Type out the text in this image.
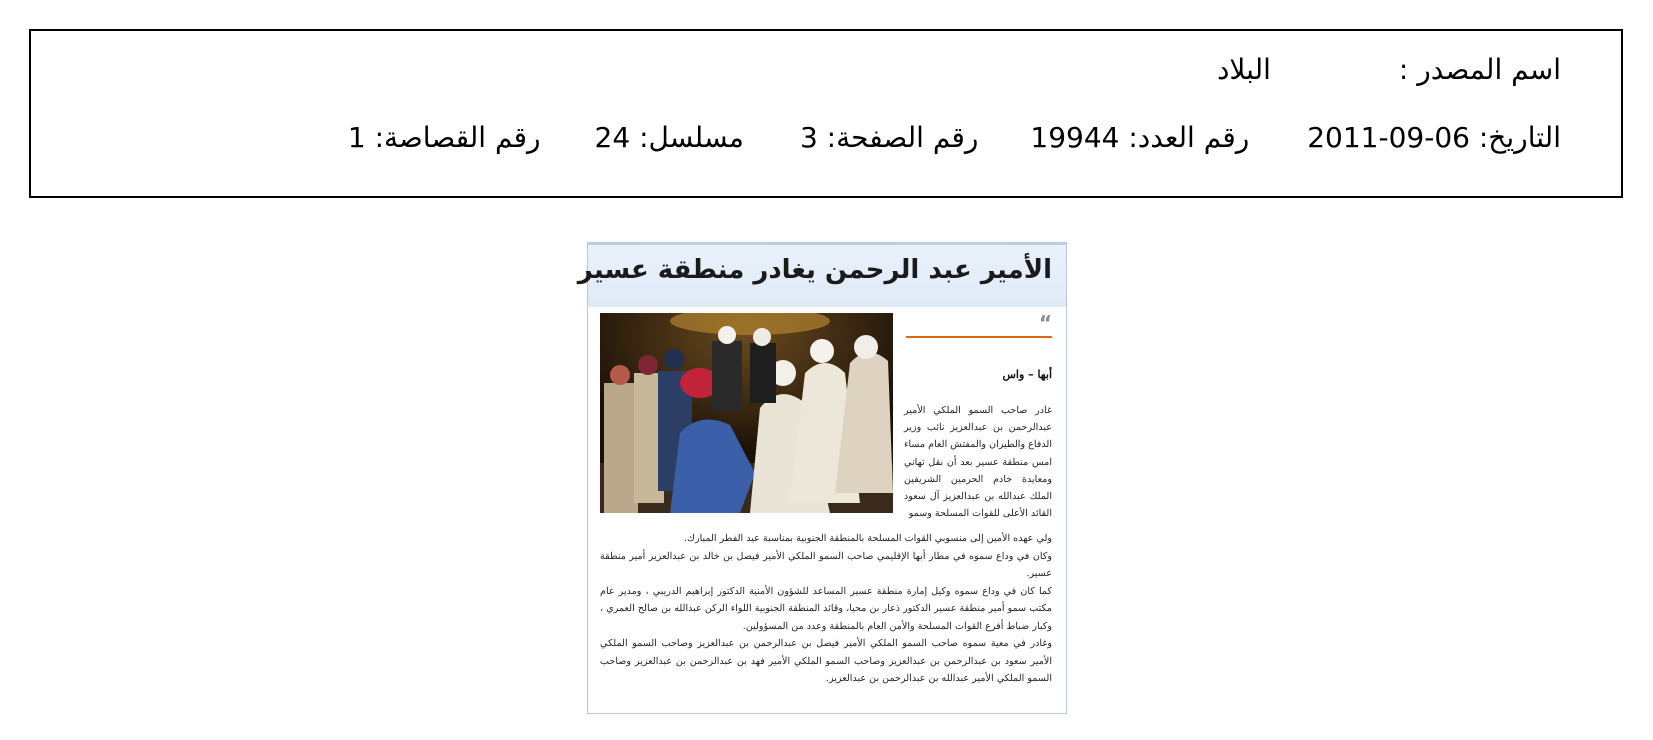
اسم المصدر :البلاد
التاريخ: 2011-09-06رقم العدد: 19944رقم الصفحة: 3مسلسل: 24رقم القصاصة: 1
الأمير عبد الرحمن يغادر منطقة عسير
“
أبها – واس
غادر صاحب السمو الملكي الأمير عبدالرحمن بن عبدالعزيز نائب وزير الدفاع والطيران والمفتش العام مساء امس منطقة عسير بعد أن نقل تهاني ومعايدة خادم الحرمين الشريفين الملك عبدالله بن عبدالعزيز آل سعود القائد الأعلى للقوات المسلحة وسمو

ولي عهده الأمين إلى منسوبي القوات المسلحة بالمنطقة الجنوبية بمناسبة عيد الفطر المبارك.

وكان في وداع سموه في مطار أبها الإقليمي صاحب السمو الملكي الأمير فيصل بن خالد بن عبدالعزيز أمير منطقة عسير.

كما كان في وداع سموه وكيل إمارة منطقة عسير المساعد للشؤون الأمنية الدكتور إبراهيم الدريبي ، ومدير عام مكتب سمو أمير منطقة عسير الدكتور ذعار بن محيا، وقائد المنطقة الجنوبية اللواء الركن عبدالله بن صالح العمري ، وكبار ضباط أفرع القوات المسلحة والأمن العام بالمنطقة وعدد من المسؤولين.

وغادر في معية سموه صاحب السمو الملكي الأمير فيصل بن عبدالرحمن بن عبدالعزيز وصاحب السمو الملكي الأمير سعود بن عبدالرحمن بن عبدالعزيز وصاحب السمو الملكي الأمير فهد بن عبدالرحمن بن عبدالعزيز وصاحب السمو الملكي الأمير عبدالله بن عبدالرحمن بن عبدالعزيز.
